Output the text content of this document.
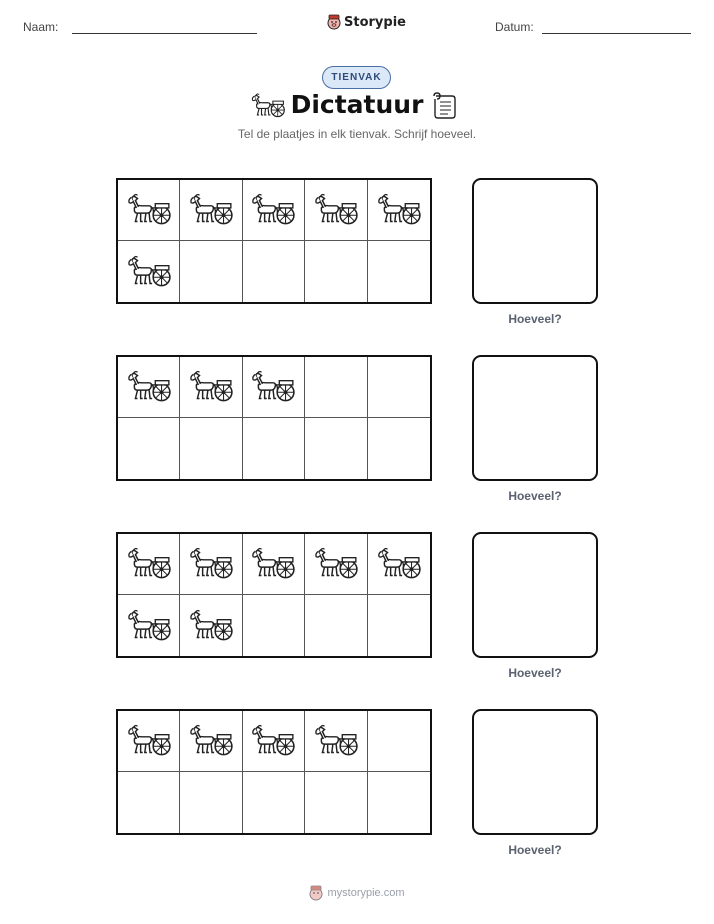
Naam:	Storypie	Datum:
TIENVAK
Dictatuur
Tel de plaatjes in elk tienvak. Schrijf hoeveel.
Hoeveel?
Hoeveel?
Hoeveel?
Hoeveel?
mystorypie.com
